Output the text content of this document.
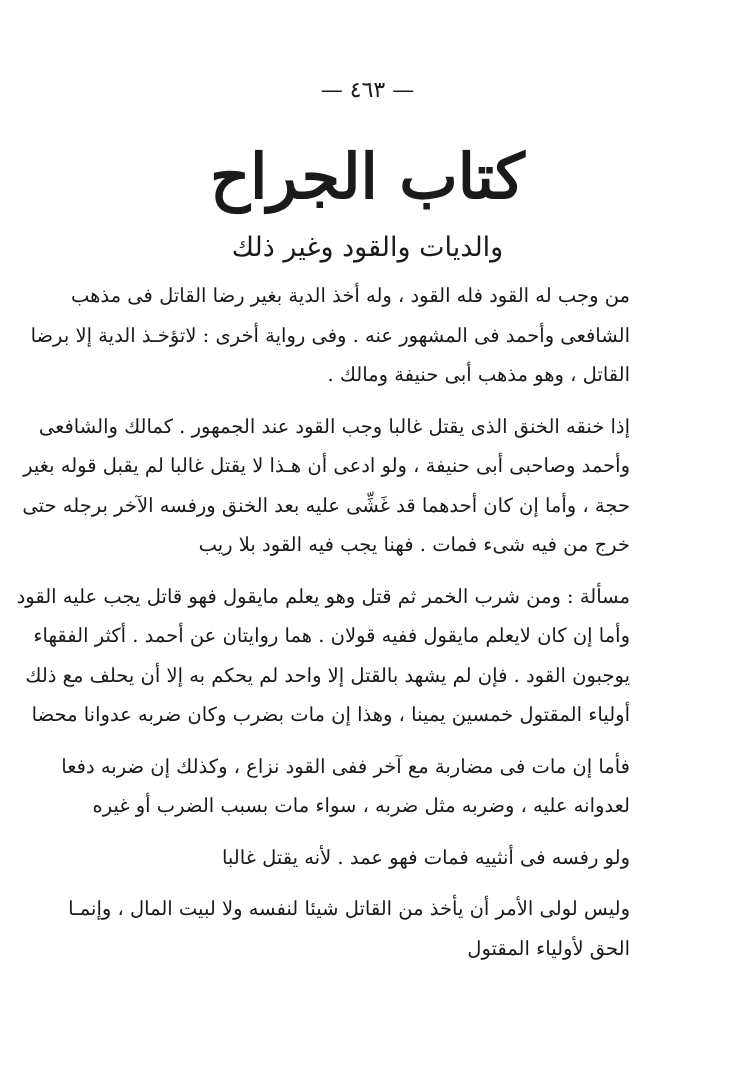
— ٤٦٣ —
كتاب الجراح
والديات والقود وغير ذلك

من وجب له القود فله القود ، وله أخذ الدية بغير رضا القاتل فى مذهب
الشافعى وأحمد فى المشهور عنه . وفى رواية أخرى : لاتؤخـذ الدية إلا برضا
القاتل ، وهو مذهب أبى حنيفة ومالك .

إذا خنقه الخنق الذى يقتل غالبا وجب القود عند الجمهور . كمالك والشافعى
وأحمد وصاحبى أبى حنيفة ، ولو ادعى أن هـذا لا يقتل غالبا لم يقبل قوله بغير
حجة ، وأما إن كان أحدهما قد غَشِّى عليه بعد الخنق ورفسه الآخر برجله حتى
خرج من فيه شىء فمات . فهنا يجب فيه القود بلا ريب

مسألة : ومن شرب الخمر ثم قتل وهو يعلم مايقول فهو قاتل يجب عليه القود
وأما إن كان لايعلم مايقول ففيه قولان . هما روايتان عن أحمد . أكثر الفقهاء
يوجبون القود . فإن لم يشهد بالقتل إلا واحد لم يحكم به إلا أن يحلف مع ذلك
أولياء المقتول خمسين يمينا ، وهذا إن مات بضرب وكان ضربه عدوانا محضا

فأما إن مات فى مضاربة مع آخر ففى القود نزاع ، وكذلك إن ضربه دفعا
لعدوانه عليه ، وضربه مثل ضربه ، سواء مات بسبب الضرب أو غيره

ولو رفسه فى أنثييه فمات فهو عمد . لأنه يقتل غالبا

وليس لولى الأمر أن يأخذ من القاتل شيئا لنفسه ولا لبيت المال ، وإنمـا
الحق لأولياء المقتول
